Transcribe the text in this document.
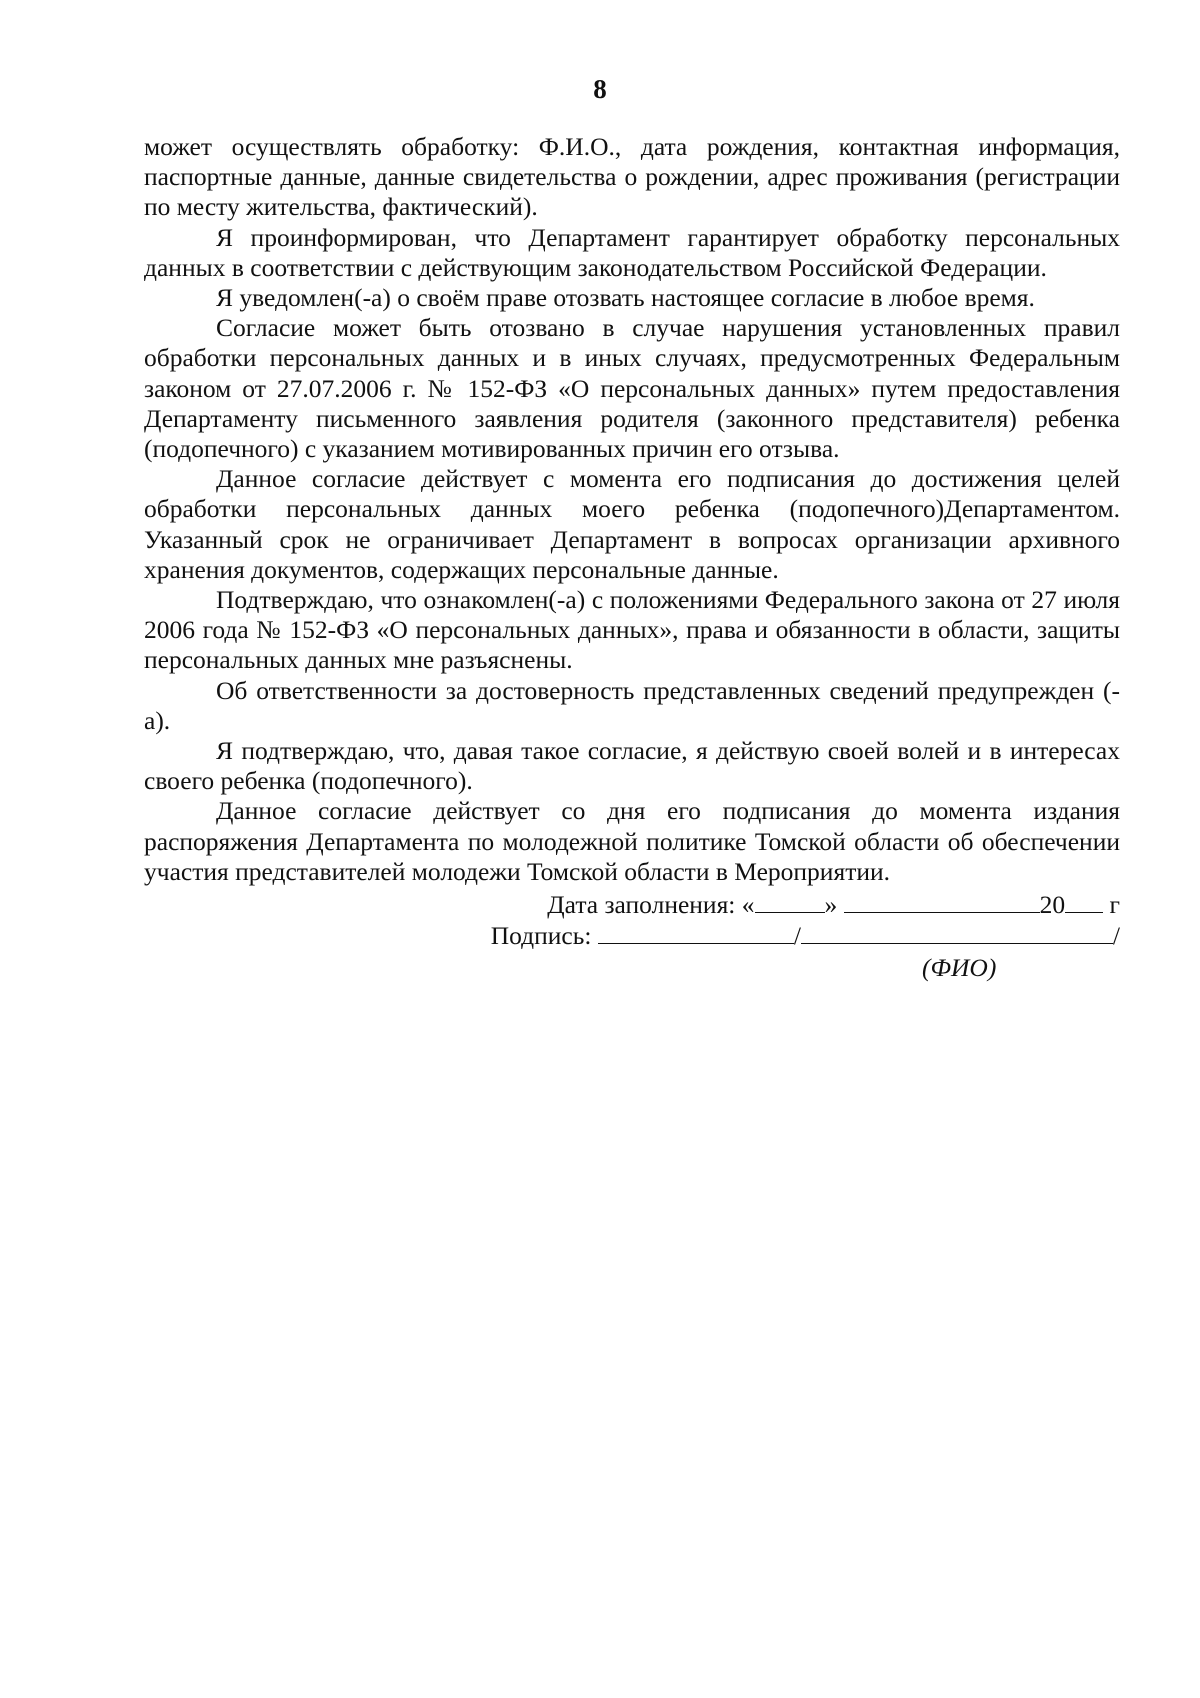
8

может осуществлять обработку: Ф.И.О., дата рождения, контактная информация, паспортные данные, данные свидетельства о рождении, адрес проживания (регистрации по месту жительства, фактический).

Я проинформирован, что Департамент гарантирует обработку персональных данных в соответствии с действующим законодательством Российской Федерации.

Я уведомлен(-а) о своём праве отозвать настоящее согласие в любое время.

Согласие может быть отозвано в случае нарушения установленных правил обработки персональных данных и в иных случаях, предусмотренных Федеральным законом от 27.07.2006 г. № 152-ФЗ «О персональных данных» путем предоставления Департаменту письменного заявления родителя (законного представителя) ребенка (подопечного) с указанием мотивированных причин его отзыва.

Данное согласие действует с момента его подписания до достижения целей обработки персональных данных моего ребенка (подопечного)Департаментом. Указанный срок не ограничивает Департамент в вопросах организации архивного хранения документов, содержащих персональные данные.

Подтверждаю, что ознакомлен(-а) с положениями Федерального закона от 27 июля 2006 года № 152-ФЗ «О персональных данных», права и обязанности в области, защиты персональных данных мне разъяснены.

Об ответственности за достоверность представленных сведений предупрежден (-а).

Я подтверждаю, что, давая такое согласие, я действую своей волей и в интересах своего ребенка (подопечного).

Данное согласие действует со дня его подписания до момента издания распоряжения Департамента по молодежной политике Томской области об обеспечении участия представителей молодежи Томской области в Мероприятии.

Дата заполнения: «	»	20 г
Подпись:	/	/
(ФИО)
